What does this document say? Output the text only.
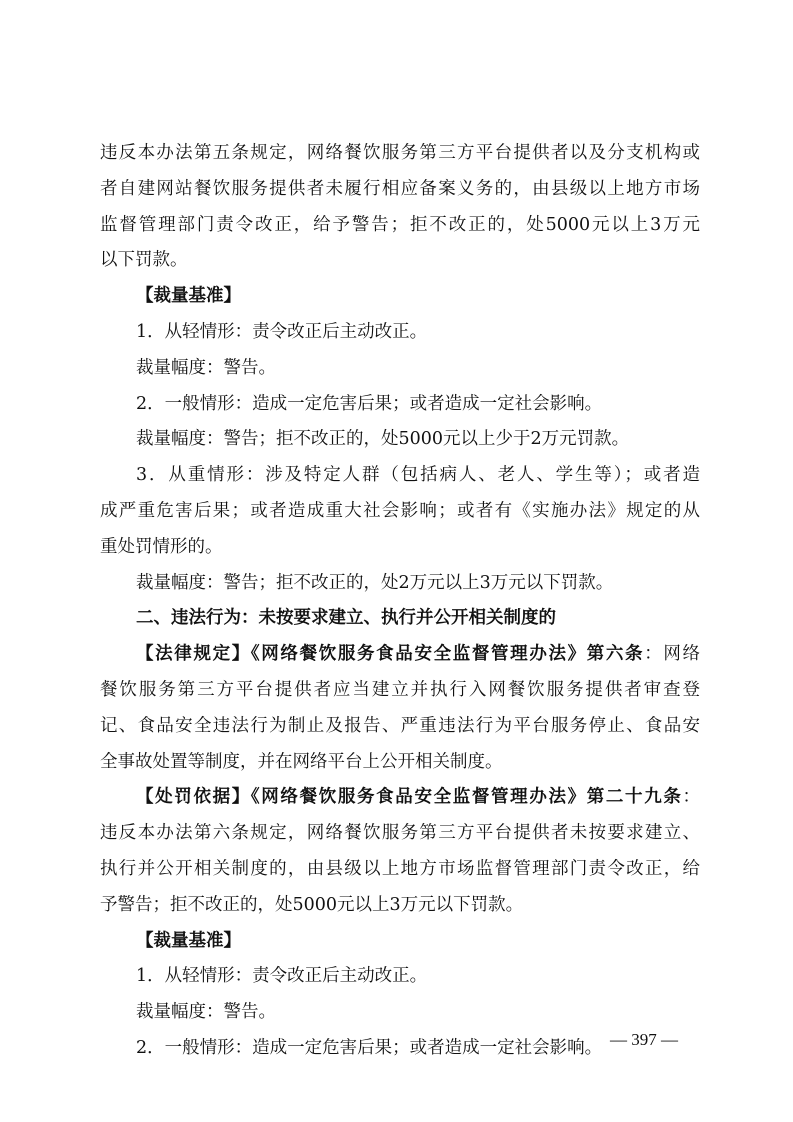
违反本办法第五条规定，网络餐饮服务第三方平台提供者以及分支机构或
者自建网站餐饮服务提供者未履行相应备案义务的，由县级以上地方市场
监督管理部门责令改正，给予警告；拒不改正的，处5000元以上3万元
以下罚款。
【裁量基准】
1．从轻情形：责令改正后主动改正。
裁量幅度：警告。
2．一般情形：造成一定危害后果；或者造成一定社会影响。
裁量幅度：警告；拒不改正的，处5000元以上少于2万元罚款。
3．从重情形：涉及特定人群（包括病人、老人、学生等）；或者造
成严重危害后果；或者造成重大社会影响；或者有《实施办法》规定的从
重处罚情形的。
裁量幅度：警告；拒不改正的，处2万元以上3万元以下罚款。
二、违法行为：未按要求建立、执行并公开相关制度的
【法律规定】《网络餐饮服务食品安全监督管理办法》第六条：网络
餐饮服务第三方平台提供者应当建立并执行入网餐饮服务提供者审查登
记、食品安全违法行为制止及报告、严重违法行为平台服务停止、食品安
全事故处置等制度，并在网络平台上公开相关制度。
【处罚依据】《网络餐饮服务食品安全监督管理办法》第二十九条：
违反本办法第六条规定，网络餐饮服务第三方平台提供者未按要求建立、
执行并公开相关制度的，由县级以上地方市场监督管理部门责令改正，给
予警告；拒不改正的，处5000元以上3万元以下罚款。
【裁量基准】
1．从轻情形：责令改正后主动改正。
裁量幅度：警告。
2．一般情形：造成一定危害后果；或者造成一定社会影响。 — 397 —
